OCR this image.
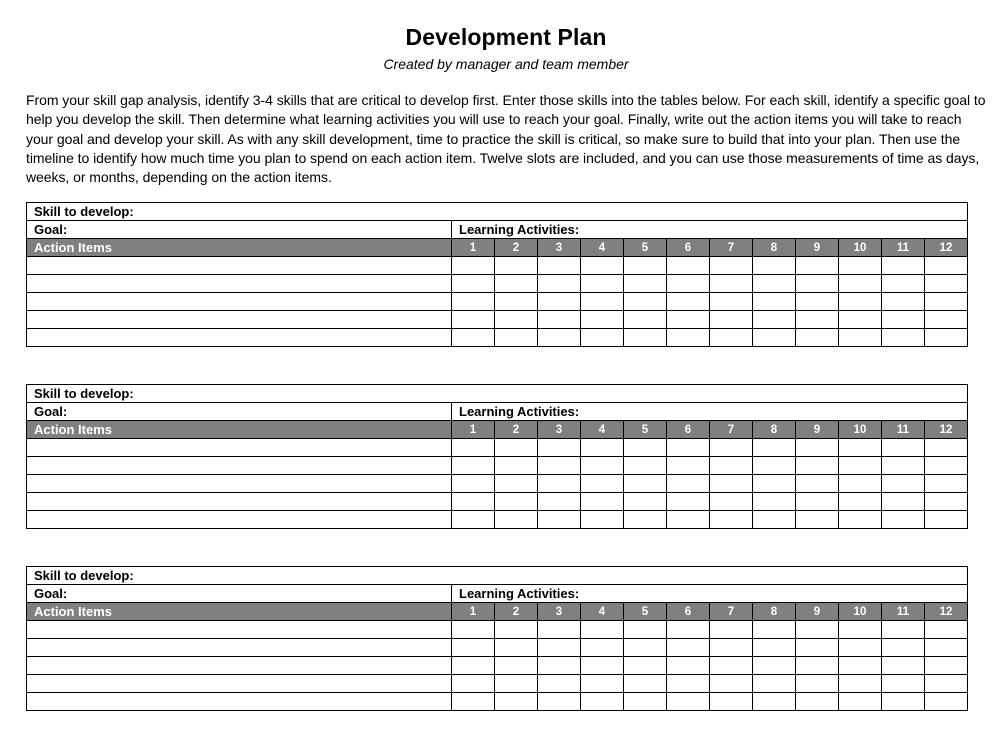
Development Plan
Created by manager and team member
From your skill gap analysis, identify 3-4 skills that are critical to develop first. Enter those skills into the tables below. For each skill, identify a specific goal to help you develop the skill. Then determine what learning activities you will use to reach your goal. Finally, write out the action items you will take to reach your goal and develop your skill. As with any skill development, time to practice the skill is critical, so make sure to build that into your plan. Then use the timeline to identify how much time you plan to spend on each action item. Twelve slots are included, and you can use those measurements of time as days, weeks, or months, depending on the action items.
Skill to develop:												
Goal:	Learning Activities:											
Action Items	1	2	3	4	5	6	7	8	9	10	11	12

Skill to develop:												
Goal:	Learning Activities:											
Action Items	1	2	3	4	5	6	7	8	9	10	11	12

Skill to develop:												
Goal:	Learning Activities:											
Action Items	1	2	3	4	5	6	7	8	9	10	11	12
